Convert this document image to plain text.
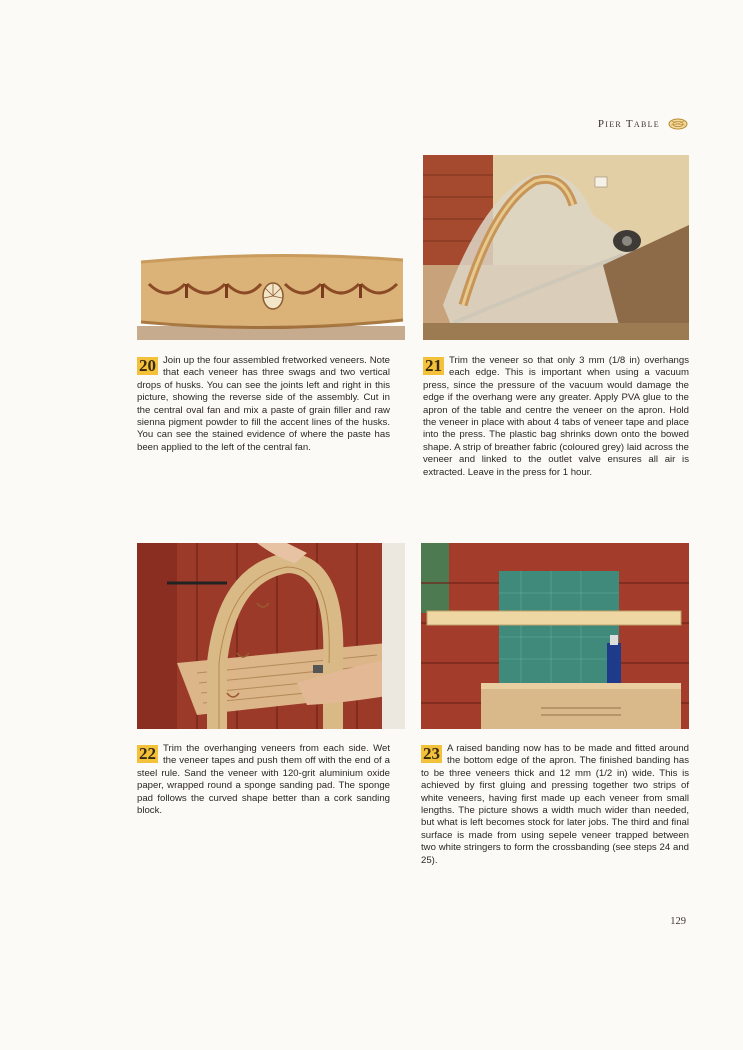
Pier Table
20 Join up the four assembled fretworked veneers. Note that each veneer has three swags and two vertical drops of husks. You can see the joints left and right in this picture, showing the reverse side of the assembly. Cut in the central oval fan and mix a paste of grain filler and raw sienna pigment powder to fill the accent lines of the husks. You can see the stained evidence of where the paste has been applied to the left of the central fan.
21 Trim the veneer so that only 3 mm (1/8 in) overhangs each edge. This is important when using a vacuum press, since the pressure of the vacuum would damage the edge if the overhang were any greater. Apply PVA glue to the apron of the table and centre the veneer on the apron. Hold the veneer in place with about 4 tabs of veneer tape and place into the press. The plastic bag shrinks down onto the bowed shape. A strip of breather fabric (coloured grey) laid across the veneer and linked to the outlet valve ensures all air is extracted. Leave in the press for 1 hour.
22 Trim the overhanging veneers from each side. Wet the veneer tapes and push them off with the end of a steel rule. Sand the veneer with 120-grit aluminium oxide paper, wrapped round a sponge sanding pad. The sponge pad follows the curved shape better than a cork sanding block.
23 A raised banding now has to be made and fitted around the bottom edge of the apron. The finished banding has to be three veneers thick and 12 mm (1/2 in) wide. This is achieved by first gluing and pressing together two strips of white veneers, having first made up each veneer from small lengths. The picture shows a width much wider than needed, but what is left becomes stock for later jobs. The third and final surface is made from using sepele veneer trapped between two white stringers to form the crossbanding (see steps 24 and 25).
129
